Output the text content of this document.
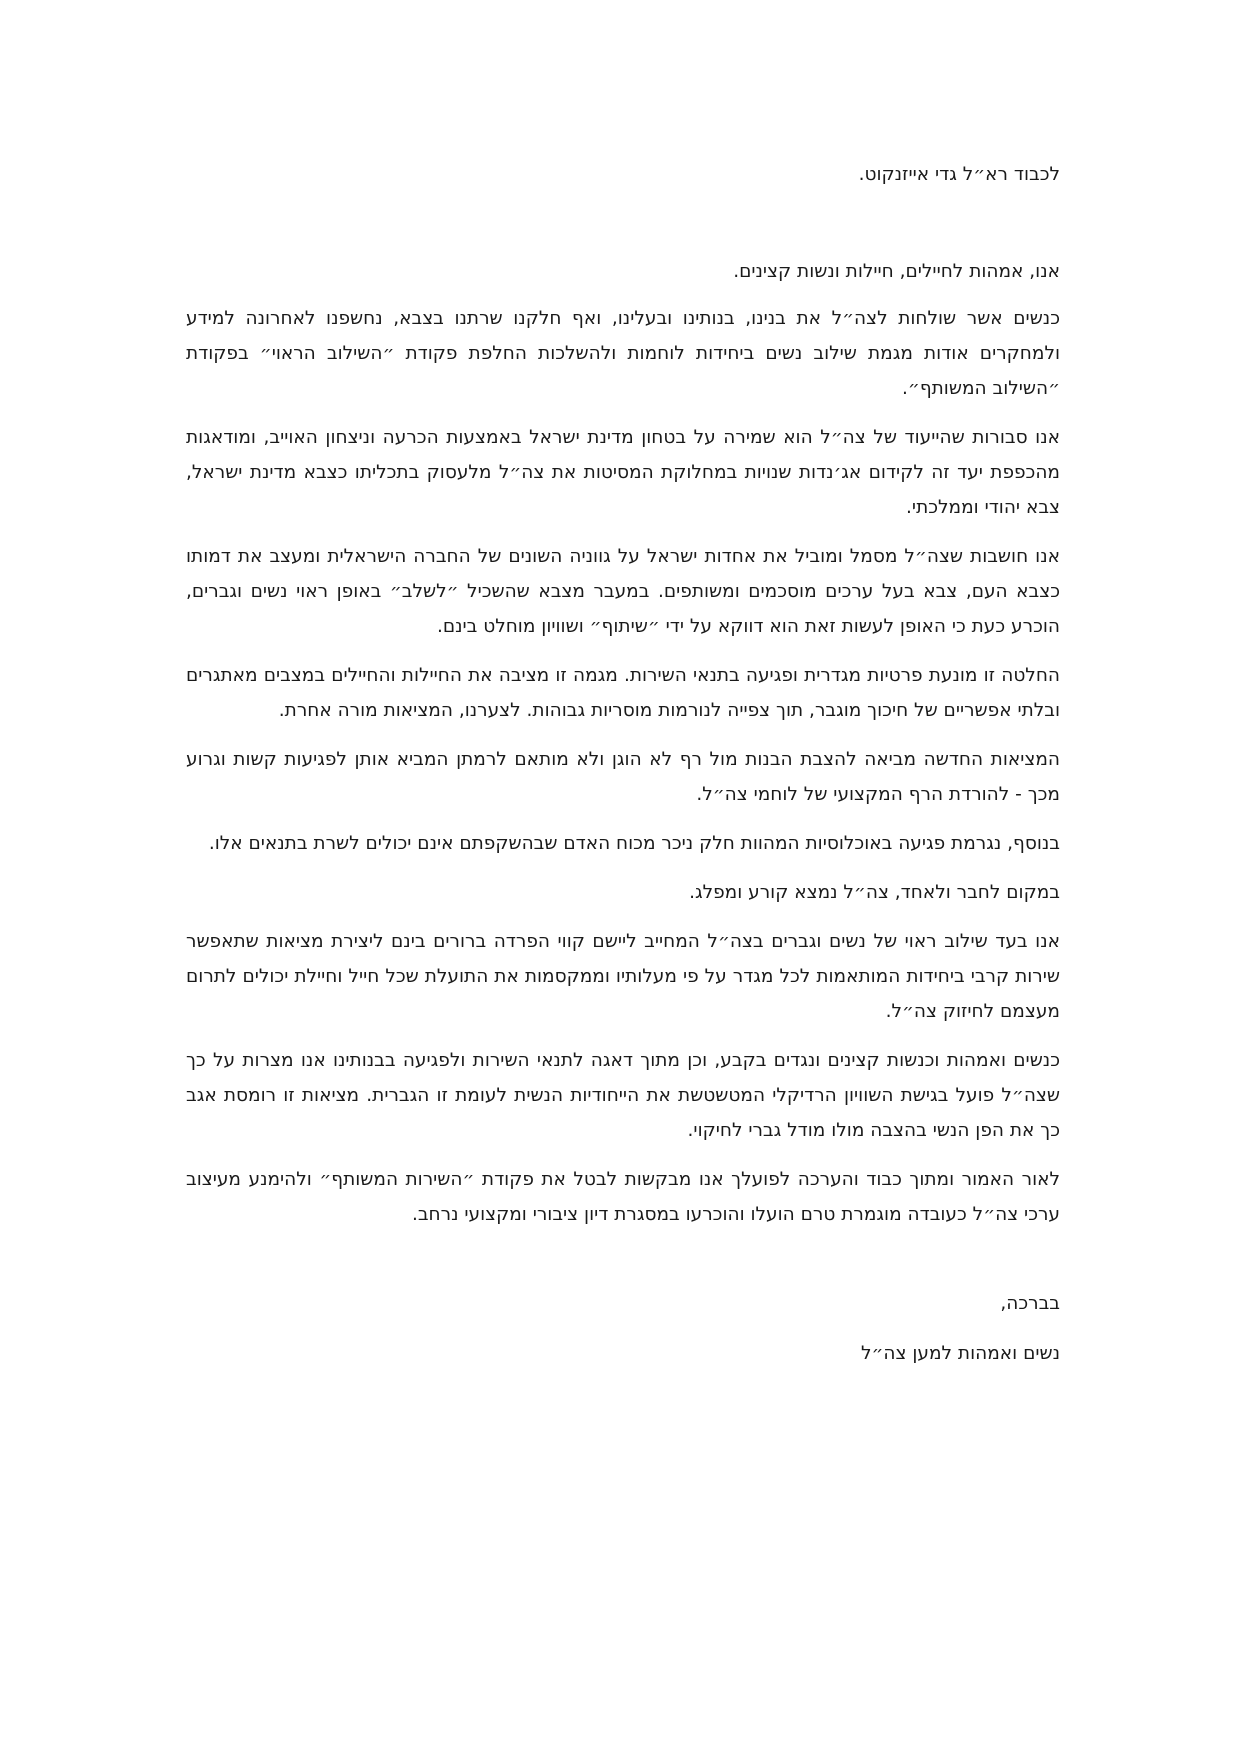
לכבוד רא״ל גדי אייזנקוט.

אנו, אמהות לחיילים, חיילות ונשות קצינים.

כנשים אשר שולחות לצה״ל את בנינו, בנותינו ובעלינו, ואף חלקנו שרתנו בצבא, נחשפנו לאחרונה למידע ולמחקרים אודות מגמת שילוב נשים ביחידות לוחמות ולהשלכות החלפת פקודת ״השילוב הראוי״ בפקודת ״השילוב המשותף״.

אנו סבורות שהייעוד של צה״ל הוא שמירה על בטחון מדינת ישראל באמצעות הכרעה וניצחון האוייב, ומודאגות מהכפפת יעד זה לקידום אג׳נדות שנויות במחלוקת המסיטות את צה״ל מלעסוק בתכליתו כצבא מדינת ישראל, צבא יהודי וממלכתי.

אנו חושבות שצה״ל מסמל ומוביל את אחדות ישראל על גווניה השונים של החברה הישראלית ומעצב את דמותו כצבא העם, צבא בעל ערכים מוסכמים ומשותפים. במעבר מצבא שהשכיל ״לשלב״ באופן ראוי נשים וגברים, הוכרע כעת כי האופן לעשות זאת הוא דווקא על ידי ״שיתוף״ ושוויון מוחלט בינם.

החלטה זו מונעת פרטיות מגדרית ופגיעה בתנאי השירות. מגמה זו מציבה את החיילות והחיילים במצבים מאתגרים ובלתי אפשריים של חיכוך מוגבר, תוך צפייה לנורמות מוסריות גבוהות. לצערנו, המציאות מורה אחרת.

המציאות החדשה מביאה להצבת הבנות מול רף לא הוגן ולא מותאם לרמתן המביא אותן לפגיעות קשות וגרוע מכך - להורדת הרף המקצועי של לוחמי צה״ל.

בנוסף, נגרמת פגיעה באוכלוסיות המהוות חלק ניכר מכוח האדם שבהשקפתם אינם יכולים לשרת בתנאים אלו.

במקום לחבר ולאחד, צה״ל נמצא קורע ומפלג.

אנו בעד שילוב ראוי של נשים וגברים בצה״ל המחייב ליישם קווי הפרדה ברורים בינם ליצירת מציאות שתאפשר שירות קרבי ביחידות המותאמות לכל מגדר על פי מעלותיו וממקסמות את התועלת שכל חייל וחיילת יכולים לתרום מעצמם לחיזוק צה״ל.

כנשים ואמהות וכנשות קצינים ונגדים בקבע, וכן מתוך דאגה לתנאי השירות ולפגיעה בבנותינו אנו מצרות על כך שצה״ל פועל בגישת השוויון הרדיקלי המטשטשת את הייחודיות הנשית לעומת זו הגברית. מציאות זו רומסת אגב כך את הפן הנשי בהצבה מולו מודל גברי לחיקוי.

לאור האמור ומתוך כבוד והערכה לפועלך אנו מבקשות לבטל את פקודת ״השירות המשותף״ ולהימנע מעיצוב ערכי צה״ל כעובדה מוגמרת טרם הועלו והוכרעו במסגרת דיון ציבורי ומקצועי נרחב.

בברכה,

נשים ואמהות למען צה״ל
